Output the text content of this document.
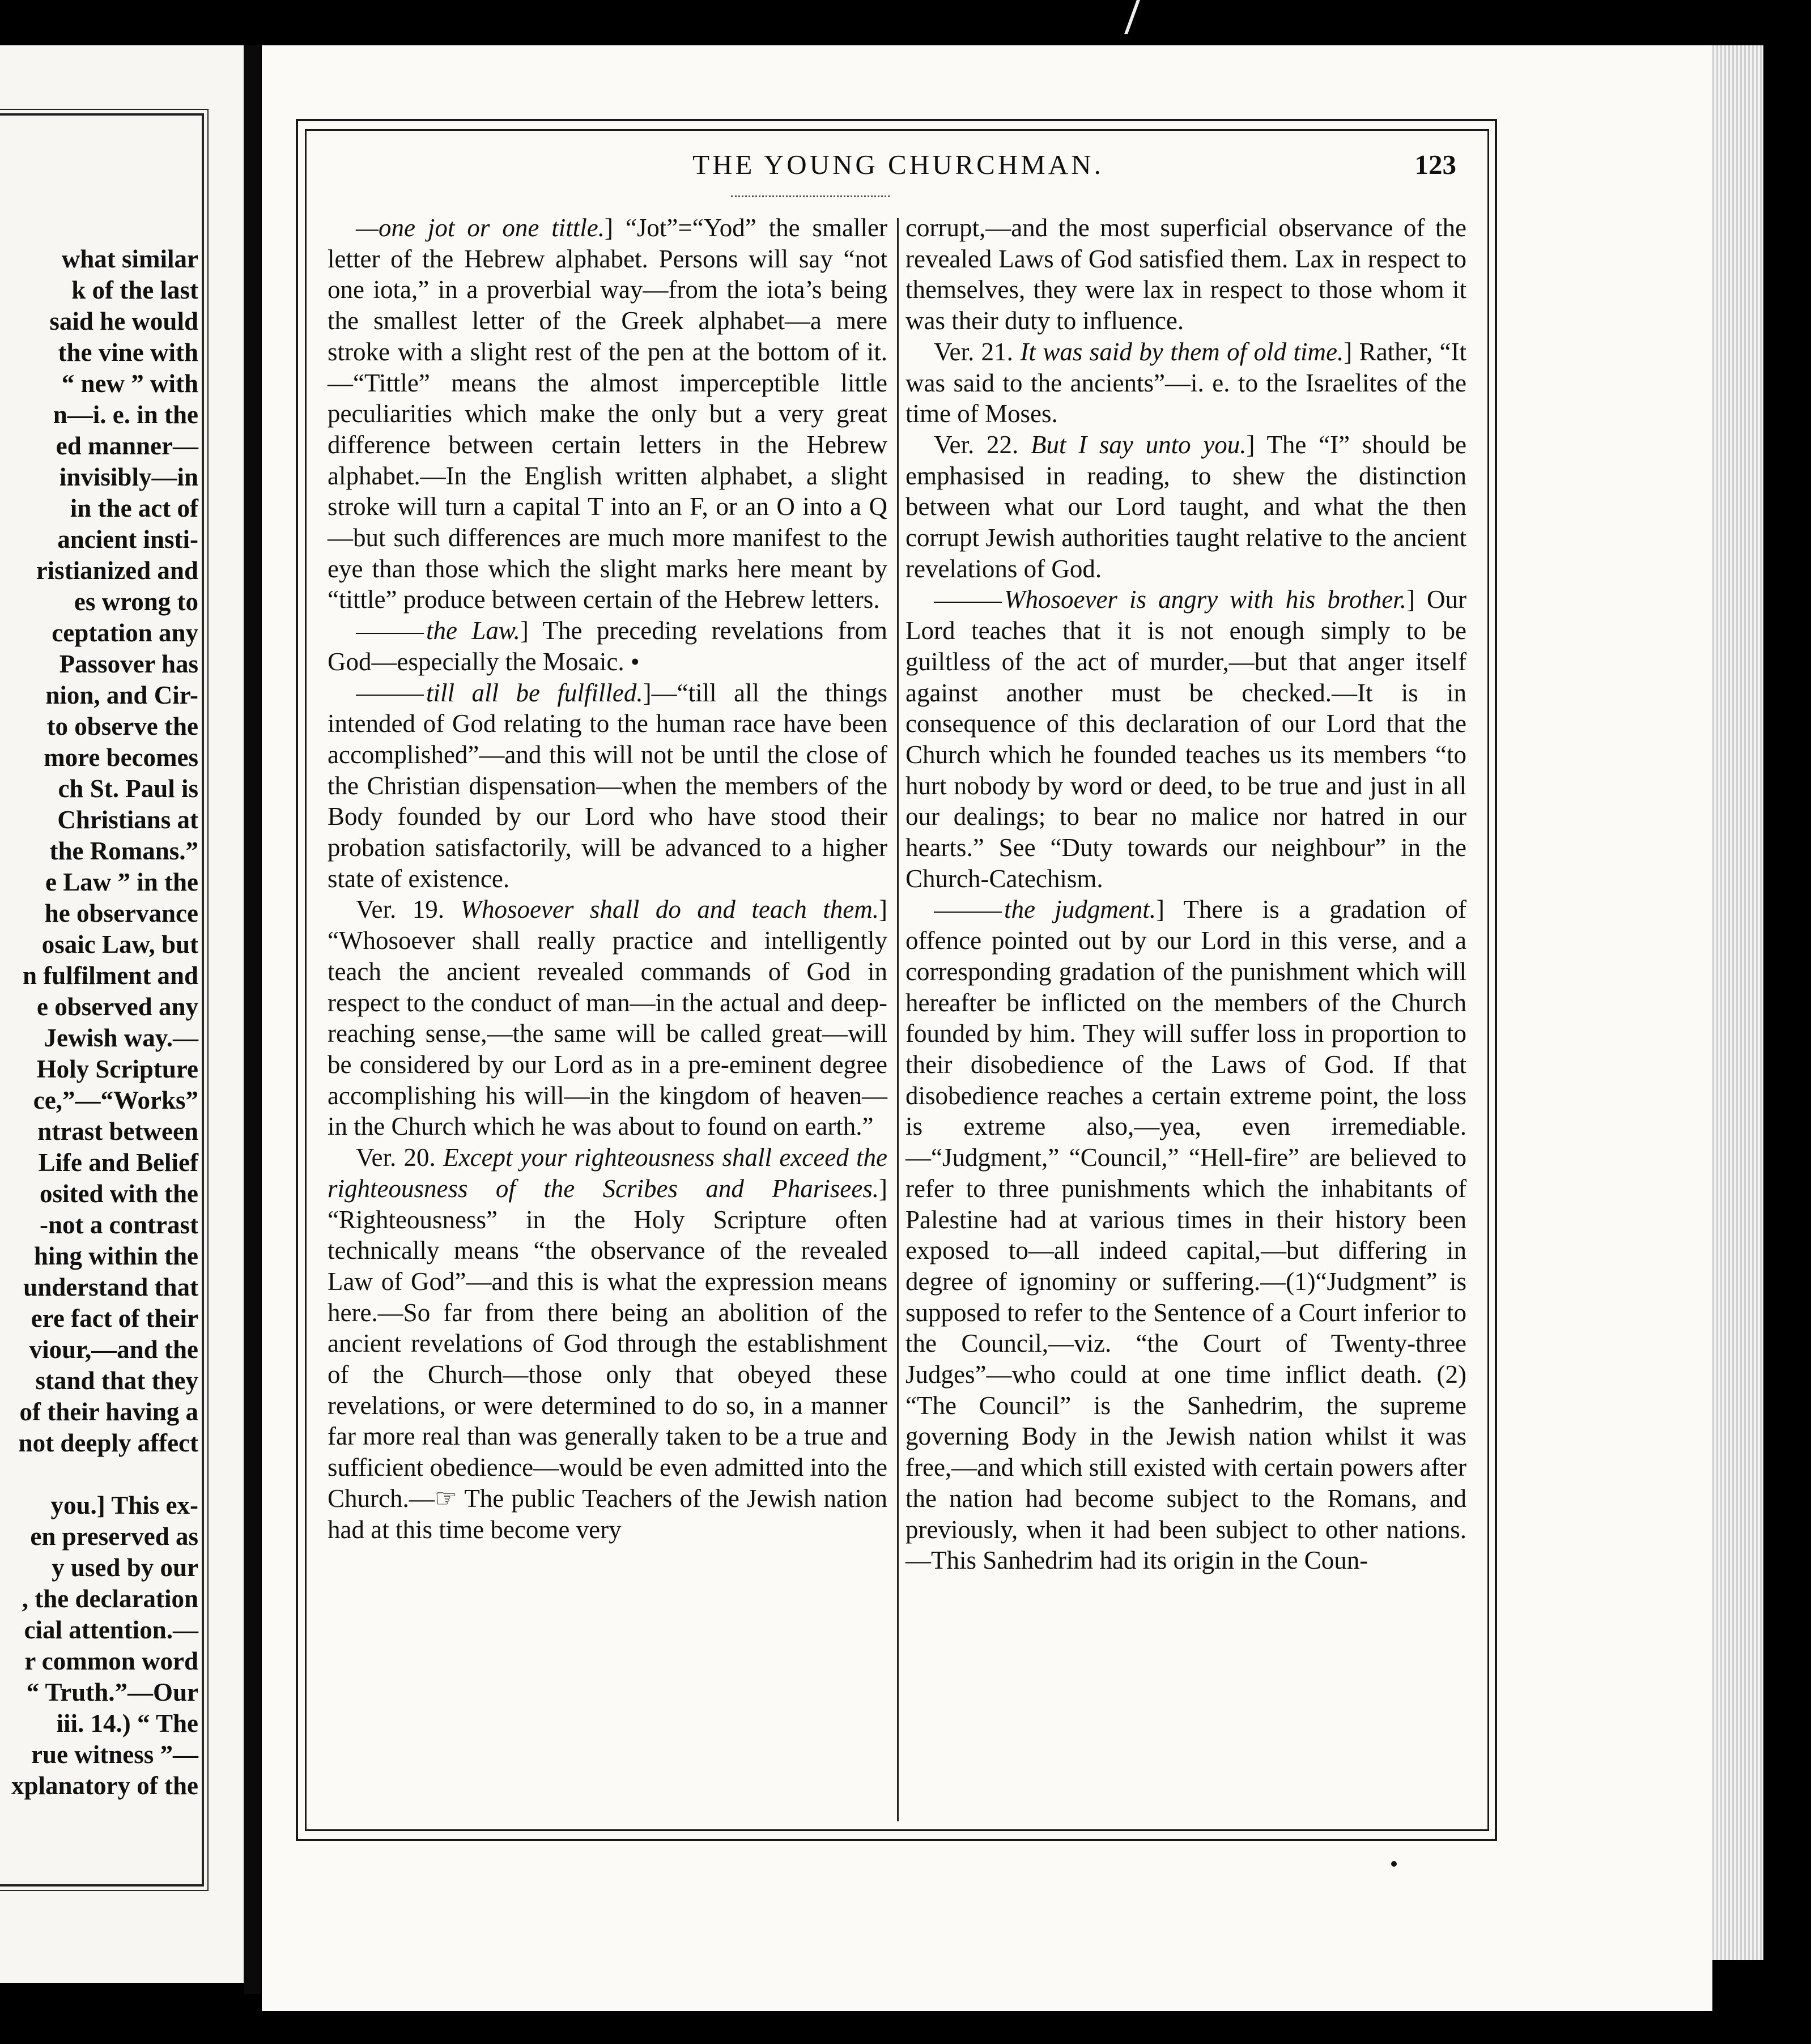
what similar
k of the last
said he would
the vine with
“ new ” with
n—i. e. in the
ed manner—
invisibly—in
in the act of
ancient insti-
ristianized and
es wrong to
ceptation any
Passover has
nion, and Cir-
to observe the
more becomes
ch St. Paul is
Christians at
the Romans.”
e Law ” in the
he observance
osaic Law, but
n fulfilment and
e observed any
Jewish way.—
Holy Scripture
ce,”—“Works”
ntrast between
Life and Belief
osited with the
-not a contrast
hing within the
understand that
ere fact of their
viour,—and the
stand that they
of their having a
not deeply affect

you.] This ex-
en preserved as
y used by our
, the declaration
cial attention.—
r common word
“ Truth.”—Our
iii. 14.) “ The
rue witness ”—
xplanatory of the
THE YOUNG CHURCHMAN.	123

—one jot or one tittle.] “Jot”=“Yod” the smaller letter of the Hebrew alphabet. Persons will say “not one iota,” in a proverbial way—from the iota’s being the smallest letter of the Greek alphabet—a mere stroke with a slight rest of the pen at the bottom of it.—“Tittle” means the almost imperceptible little peculiarities which make the only but a very great difference between certain letters in the Hebrew alphabet.—In the English written alphabet, a slight stroke will turn a capital T into an F, or an O into a Q—but such differences are much more manifest to the eye than those which the slight marks here meant by “tittle” produce between certain of the Hebrew letters.

the Law.] The preceding revelations from God—especially the Mosaic. •

till all be fulfilled.]—“till all the things intended of God relating to the human race have been accomplished”—and this will not be until the close of the Christian dispensation—when the members of the Body founded by our Lord who have stood their probation satisfactorily, will be advanced to a higher state of existence.

Ver. 19. Whosoever shall do and teach them.] “Whosoever shall really practice and intelligently teach the ancient revealed commands of God in respect to the conduct of man—in the actual and deep-reaching sense,—the same will be called great—will be considered by our Lord as in a pre-eminent degree accomplishing his will—in the kingdom of heaven—in the Church which he was about to found on earth.”

Ver. 20. Except your righteousness shall exceed the righteousness of the Scribes and Pharisees.] “Righteousness” in the Holy Scripture often technically means “the observance of the revealed Law of God”—and this is what the expression means here.—So far from there being an abolition of the ancient revelations of God through the establishment of the Church—those only that obeyed these revelations, or were determined to do so, in a manner far more real than was generally taken to be a true and sufficient obedience—would be even admitted into the Church.—☞ The public Teachers of the Jewish nation had at this time become very

corrupt,—and the most superficial observance of the revealed Laws of God satisfied them. Lax in respect to themselves, they were lax in respect to those whom it was their duty to influence.

Ver. 21. It was said by them of old time.] Rather, “It was said to the ancients”—i. e. to the Israelites of the time of Moses.

Ver. 22. But I say unto you.] The “I” should be emphasised in reading, to shew the distinction between what our Lord taught, and what the then corrupt Jewish authorities taught relative to the ancient revelations of God.

Whosoever is angry with his brother.] Our Lord teaches that it is not enough simply to be guiltless of the act of murder,—but that anger itself against another must be checked.—It is in consequence of this declaration of our Lord that the Church which he founded teaches us its members “to hurt nobody by word or deed, to be true and just in all our dealings; to bear no malice nor hatred in our hearts.” See “Duty towards our neighbour” in the Church-Catechism.

the judgment.] There is a gradation of offence pointed out by our Lord in this verse, and a corresponding gradation of the punishment which will hereafter be inflicted on the members of the Church founded by him. They will suffer loss in proportion to their disobedience of the Laws of God. If that disobedience reaches a certain extreme point, the loss is extreme also,—yea, even irremediable.—“Judgment,” “Council,” “Hell-fire” are believed to refer to three punishments which the inhabitants of Palestine had at various times in their history been exposed to—all indeed capital,—but differing in degree of ignominy or suffering.—(1)“Judgment” is supposed to refer to the Sentence of a Court inferior to the Council,—viz. “the Court of Twenty-three Judges”—who could at one time inflict death. (2) “The Council” is the Sanhedrim, the supreme governing Body in the Jewish nation whilst it was free,—and which still existed with certain powers after the nation had become subject to the Romans, and previously, when it had been subject to other nations.—This Sanhedrim had its origin in the Coun-
